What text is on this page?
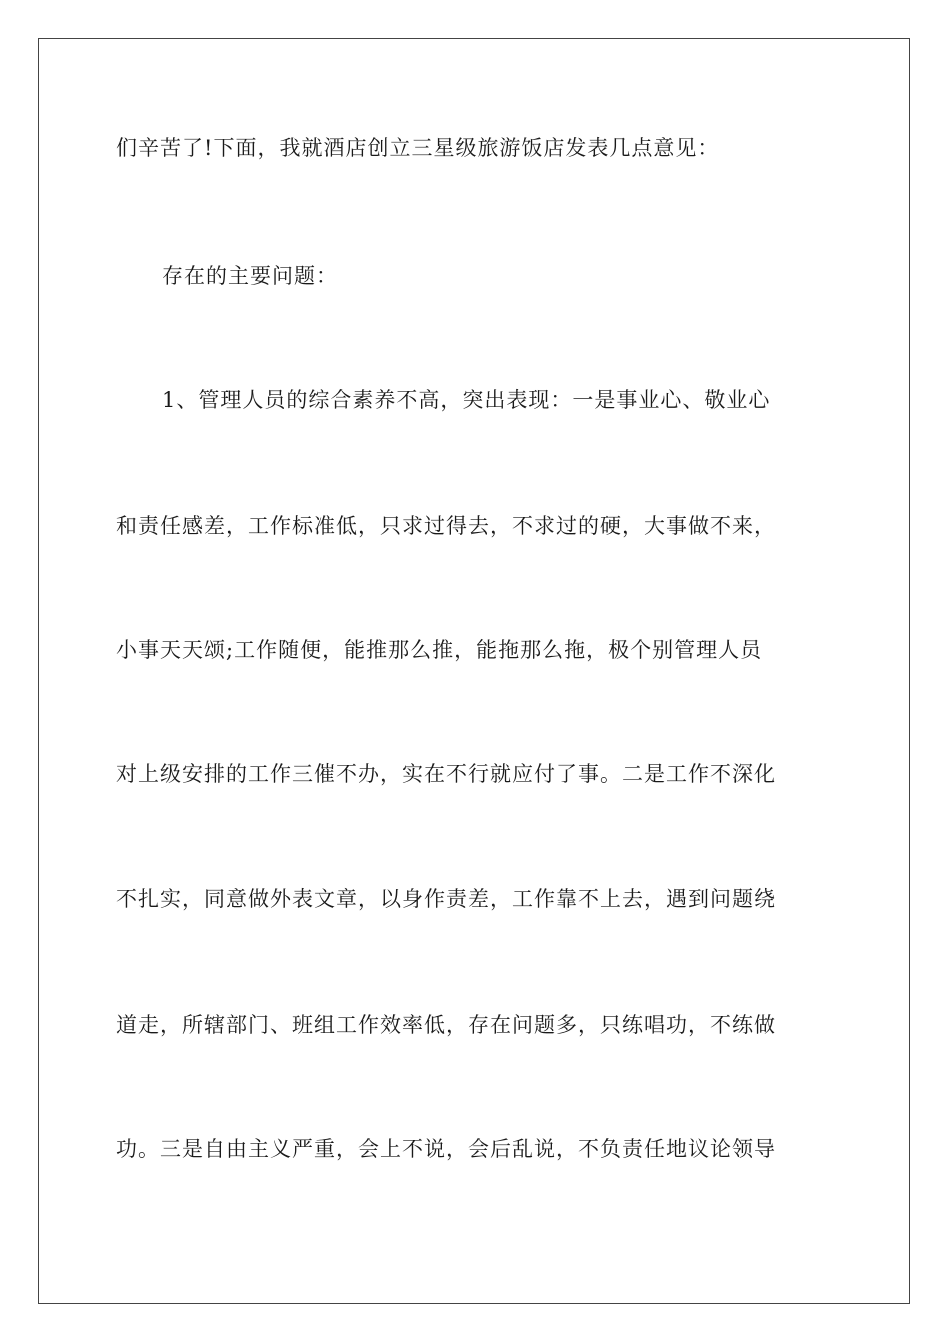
们辛苦了!下面，我就酒店创立三星级旅游饭店发表几点意见：
存在的主要问题：
1、管理人员的综合素养不高，突出表现：一是事业心、敬业心
和责任感差，工作标准低，只求过得去，不求过的硬，大事做不来，
小事天天颂;工作随便，能推那么推，能拖那么拖，极个别管理人员
对上级安排的工作三催不办，实在不行就应付了事。二是工作不深化
不扎实，同意做外表文章，以身作责差，工作靠不上去，遇到问题绕
道走，所辖部门、班组工作效率低，存在问题多，只练唱功，不练做
功。三是自由主义严重，会上不说，会后乱说，不负责任地议论领导
